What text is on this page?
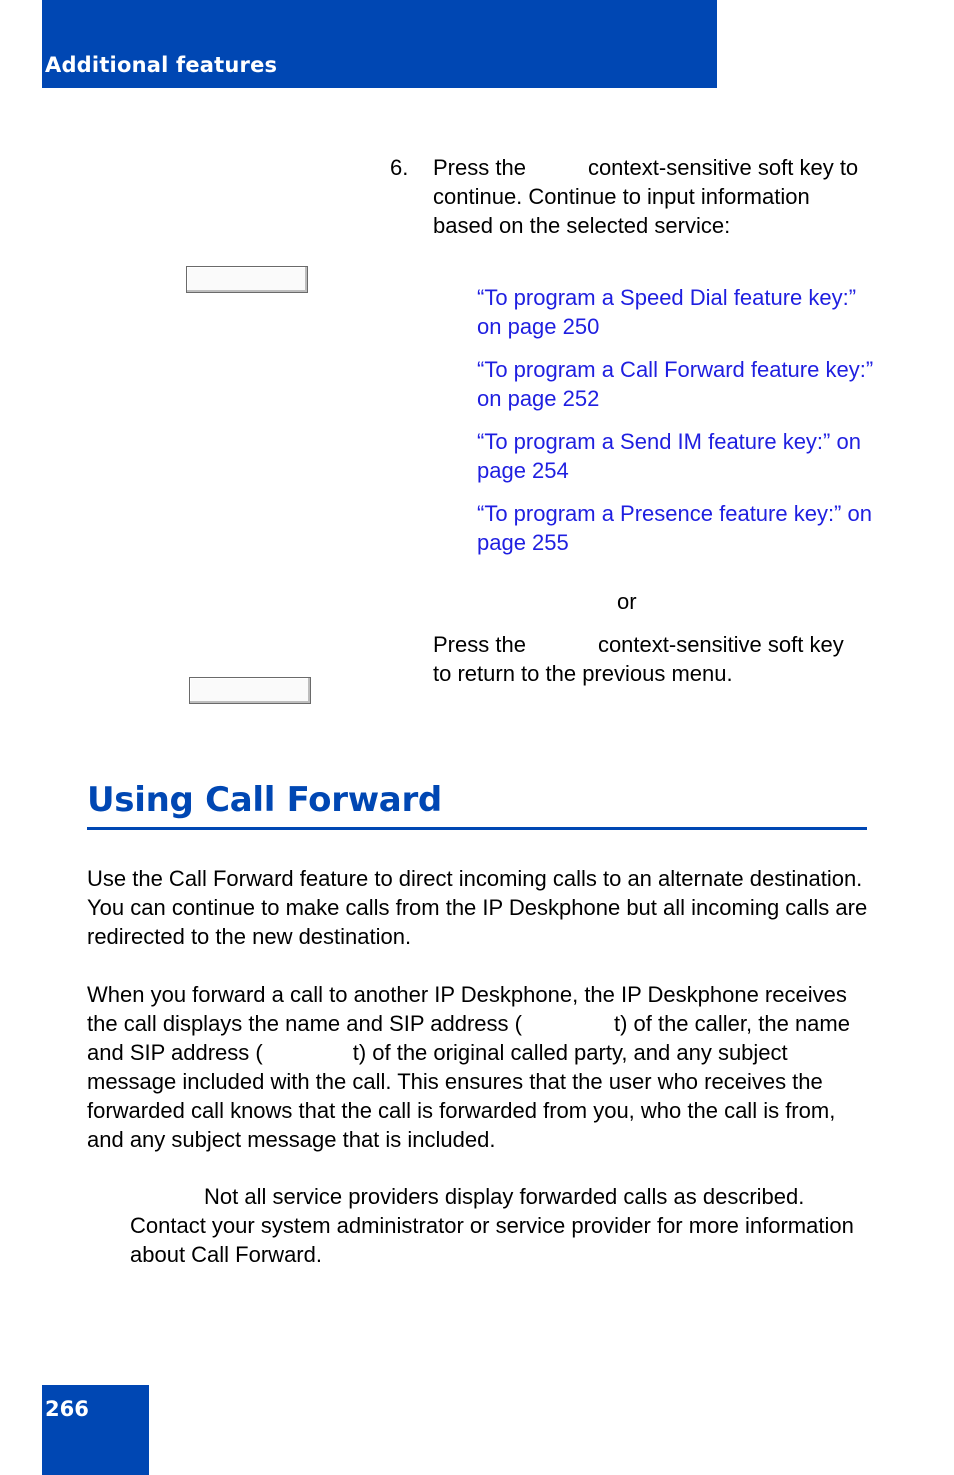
Additional features
6. Press the	context-sensitive soft key to continue. Continue to input information based on the selected service:
“To program a Speed Dial feature key:” on page 250
“To program a Call Forward feature key:” on page 252
“To program a Send IM feature key:” on page 254
“To program a Presence feature key:” on page 255
or
Press the	context-sensitive soft key to return to the previous menu.
Using Call Forward
Use the Call Forward feature to direct incoming calls to an alternate destination. You can continue to make calls from the IP Deskphone but all incoming calls are redirected to the new destination.
When you forward a call to another IP Deskphone, the IP Deskphone receives the call displays the name and SIP address (	t) of the caller, the name and SIP address (	t) of the original called party, and any subject message included with the call. This ensures that the user who receives the forwarded call knows that the call is forwarded from you, who the call is from, and any subject message that is included.
Not all service providers display forwarded calls as described. Contact your system administrator or service provider for more information about Call Forward.
266
